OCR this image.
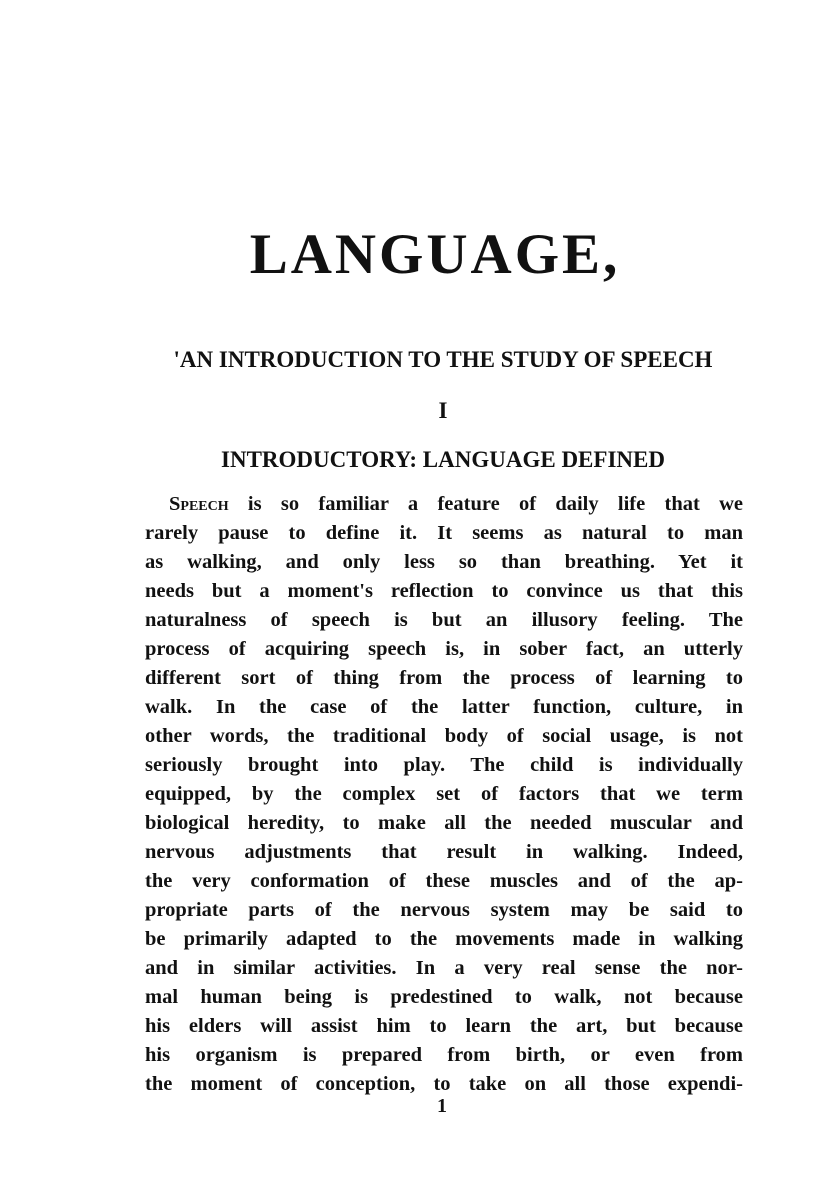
LANGUAGE,
'AN INTRODUCTION TO THE STUDY OF SPEECH
I
INTRODUCTORY: LANGUAGE DEFINED
Speech is so familiar a feature of daily life that we
rarely pause to define it. It seems as natural to man
as walking, and only less so than breathing. Yet it
needs but a moment's reflection to convince us that this
naturalness of speech is but an illusory feeling. The
process of acquiring speech is, in sober fact, an utterly
different sort of thing from the process of learning to
walk. In the case of the latter function, culture, in
other words, the traditional body of social usage, is not
seriously brought into play. The child is individually
equipped, by the complex set of factors that we term
biological heredity, to make all the needed muscular and
nervous adjustments that result in walking. Indeed,
the very conformation of these muscles and of the ap-
propriate parts of the nervous system may be said to
be primarily adapted to the movements made in walking
and in similar activities. In a very real sense the nor-
mal human being is predestined to walk, not because
his elders will assist him to learn the art, but because
his organism is prepared from birth, or even from
the moment of conception, to take on all those expendi-
1
